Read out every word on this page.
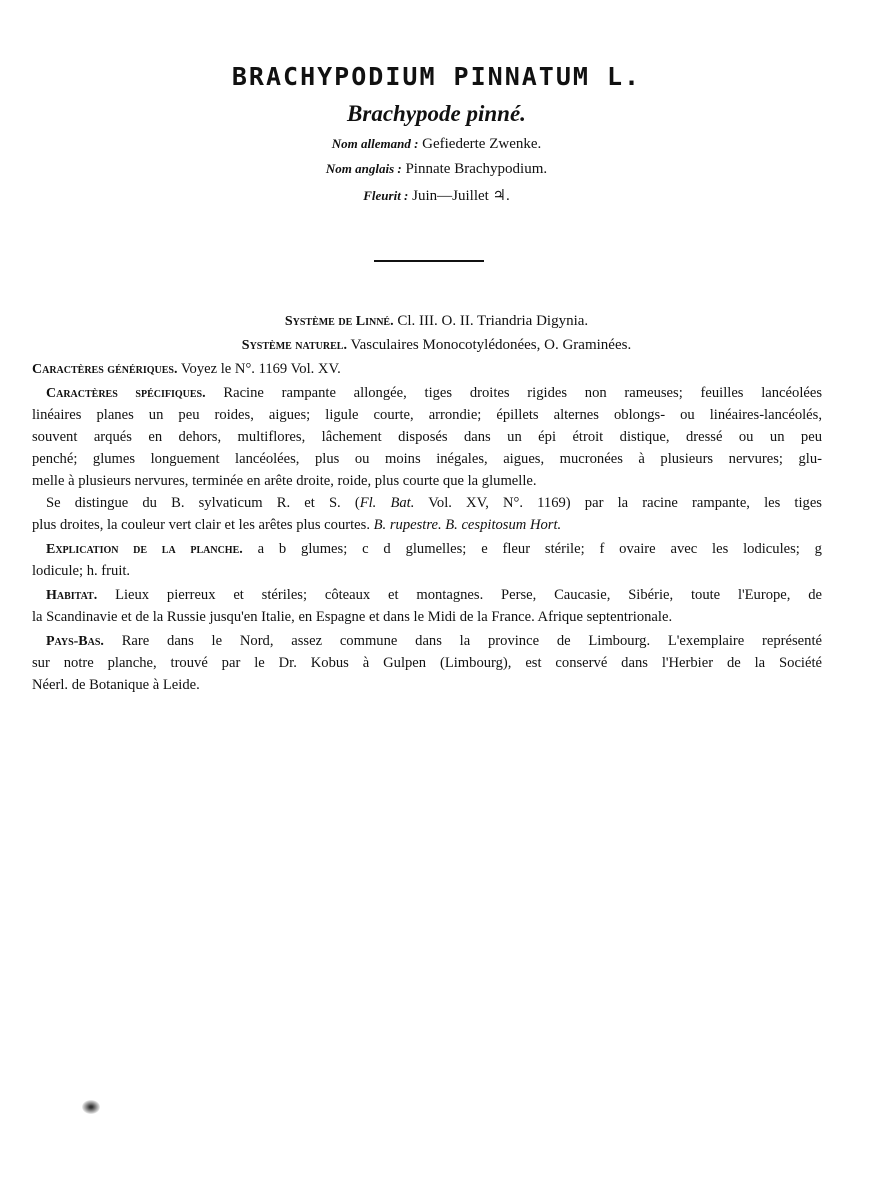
BRACHYPODIUM PINNATUM L.
Brachypode pinné.
Nom allemand : Gefiederte Zwenke.
Nom anglais : Pinnate Brachypodium.
Fleurit : Juin—Juillet ♃.
Système de Linné. Cl. III. O. II. Triandria Digynia.
Système naturel. Vasculaires Monocotylédonées, O. Graminées.
Caractères génériques. Voyez le N°. 1169 Vol. XV.
Caractères spécifiques. Racine rampante allongée, tiges droites rigides non rameuses; feuilles lancéolées
linéaires planes un peu roides, aigues; ligule courte, arrondie; épillets alternes oblongs- ou linéaires-lancéolés,
souvent arqués en dehors, multiflores, lâchement disposés dans un épi étroit distique, dressé ou un peu
penché; glumes longuement lancéolées, plus ou moins inégales, aigues, mucronées à plusieurs nervures; glu-
melle à plusieurs nervures, terminée en arête droite, roide, plus courte que la glumelle.
Se distingue du B. sylvaticum R. et S. (Fl. Bat. Vol. XV, N°. 1169) par la racine rampante, les tiges
plus droites, la couleur vert clair et les arêtes plus courtes. B. rupestre. B. cespitosum Hort.
Explication de la planche. a b glumes; c d glumelles; e fleur stérile; f ovaire avec les lodicules; g
lodicule; h. fruit.
Habitat. Lieux pierreux et stériles; côteaux et montagnes. Perse, Caucasie, Sibérie, toute l'Europe, de
la Scandinavie et de la Russie jusqu'en Italie, en Espagne et dans le Midi de la France. Afrique septentrionale.
Pays-Bas. Rare dans le Nord, assez commune dans la province de Limbourg. L'exemplaire représenté
sur notre planche, trouvé par le Dr. Kobus à Gulpen (Limbourg), est conservé dans l'Herbier de la Société
Néerl. de Botanique à Leide.
